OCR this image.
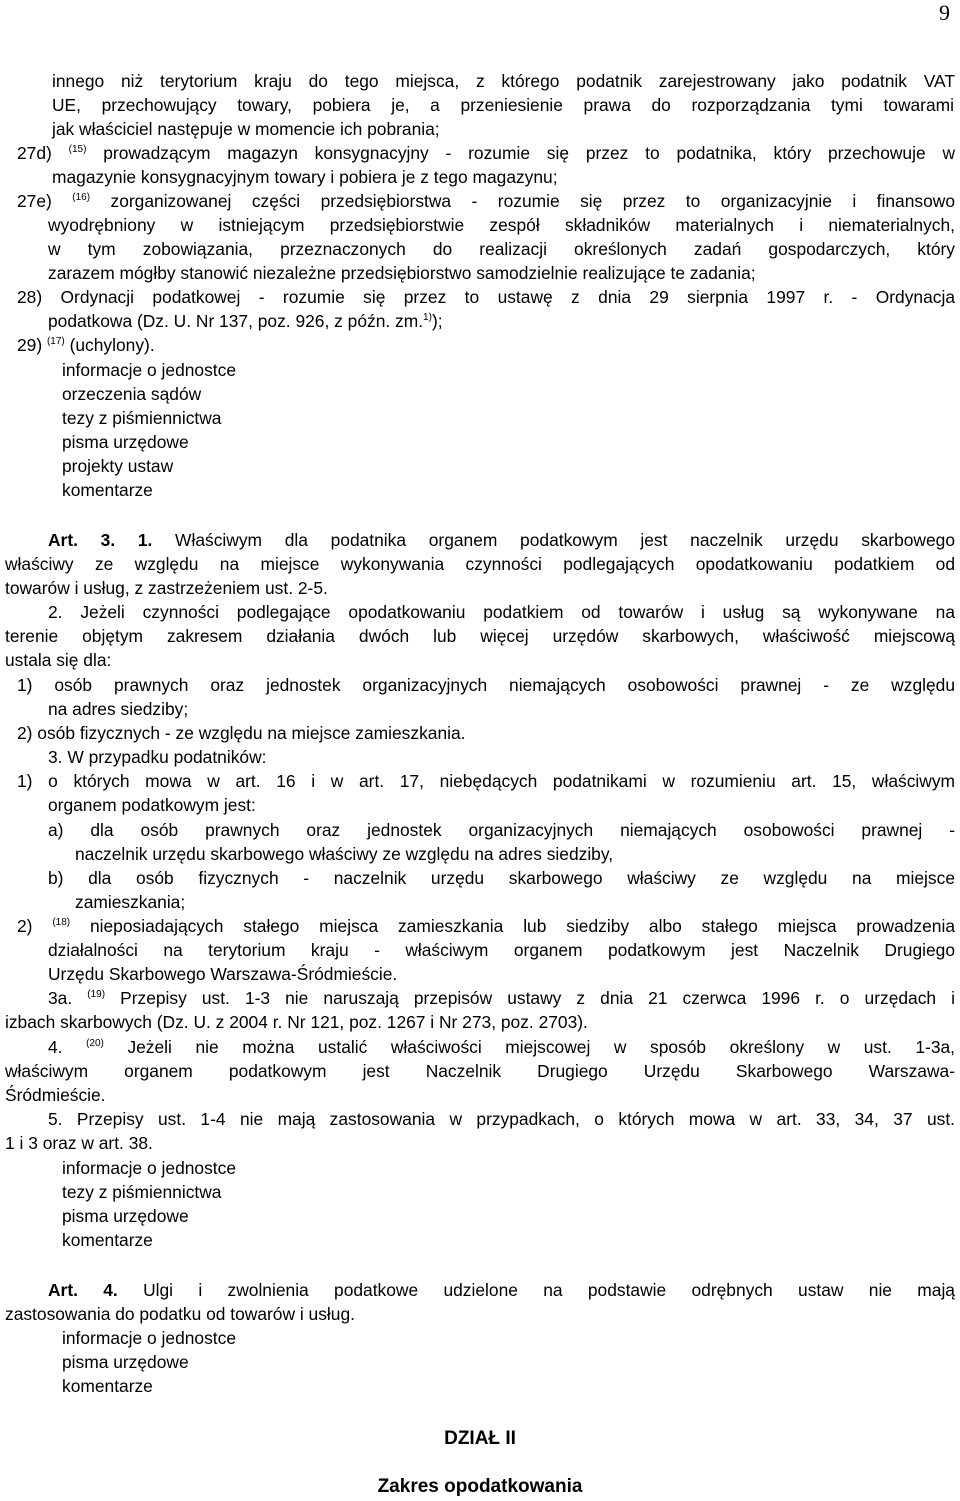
9
innego niż terytorium kraju do tego miejsca, z którego podatnik zarejestrowany jako podatnik VAT
UE, przechowujący towary, pobiera je, a przeniesienie prawa do rozporządzania tymi towarami
jak właściciel następuje w momencie ich pobrania;
27d) $^{(15)}$ prowadzącym magazyn konsygnacyjny - rozumie się przez to podatnika, który przechowuje w
magazynie konsygnacyjnym towary i pobiera je z tego magazynu;
27e) $^{(16)}$ zorganizowanej części przedsiębiorstwa - rozumie się przez to organizacyjnie i finansowo
wyodrębniony w istniejącym przedsiębiorstwie zespół składników materialnych i niematerialnych,
w tym zobowiązania, przeznaczonych do realizacji określonych zadań gospodarczych, który
zarazem mógłby stanowić niezależne przedsiębiorstwo samodzielnie realizujące te zadania;
28) Ordynacji podatkowej - rozumie się przez to ustawę z dnia 29 sierpnia 1997 r. - Ordynacja
podatkowa (Dz. U. Nr 137, poz. 926, z późn. zm.$^{1)}$);
29) $^{(17)}$ (uchylony).
informacje o jednostce
orzeczenia sądów
tezy z piśmiennictwa
pisma urzędowe
projekty ustaw
komentarze
Art. 3. 1. Właściwym dla podatnika organem podatkowym jest naczelnik urzędu skarbowego
właściwy ze względu na miejsce wykonywania czynności podlegających opodatkowaniu podatkiem od
towarów i usług, z zastrzeżeniem ust. 2-5.
2. Jeżeli czynności podlegające opodatkowaniu podatkiem od towarów i usług są wykonywane na
terenie objętym zakresem działania dwóch lub więcej urzędów skarbowych, właściwość miejscową
ustala się dla:
1) osób prawnych oraz jednostek organizacyjnych niemających osobowości prawnej - ze względu
na adres siedziby;
2) osób fizycznych - ze względu na miejsce zamieszkania.
3. W przypadku podatników:
1) o których mowa w art. 16 i w art. 17, niebędących podatnikami w rozumieniu art. 15, właściwym
organem podatkowym jest:
a) dla osób prawnych oraz jednostek organizacyjnych niemających osobowości prawnej -
naczelnik urzędu skarbowego właściwy ze względu na adres siedziby,
b) dla osób fizycznych - naczelnik urzędu skarbowego właściwy ze względu na miejsce
zamieszkania;
2) $^{(18)}$ nieposiadających stałego miejsca zamieszkania lub siedziby albo stałego miejsca prowadzenia
działalności na terytorium kraju - właściwym organem podatkowym jest Naczelnik Drugiego
Urzędu Skarbowego Warszawa-Śródmieście.
3a. $^{(19)}$ Przepisy ust. 1-3 nie naruszają przepisów ustawy z dnia 21 czerwca 1996 r. o urzędach i
izbach skarbowych (Dz. U. z 2004 r. Nr 121, poz. 1267 i Nr 273, poz. 2703).
4. $^{(20)}$ Jeżeli nie można ustalić właściwości miejscowej w sposób określony w ust. 1-3a,
właściwym organem podatkowym jest Naczelnik Drugiego Urzędu Skarbowego Warszawa-
Śródmieście.
5. Przepisy ust. 1-4 nie mają zastosowania w przypadkach, o których mowa w art. 33, 34, 37 ust.
1 i 3 oraz w art. 38.
informacje o jednostce
tezy z piśmiennictwa
pisma urzędowe
komentarze
Art. 4. Ulgi i zwolnienia podatkowe udzielone na podstawie odrębnych ustaw nie mają
zastosowania do podatku od towarów i usług.
informacje o jednostce
pisma urzędowe
komentarze
DZIAŁ II
Zakres opodatkowania
